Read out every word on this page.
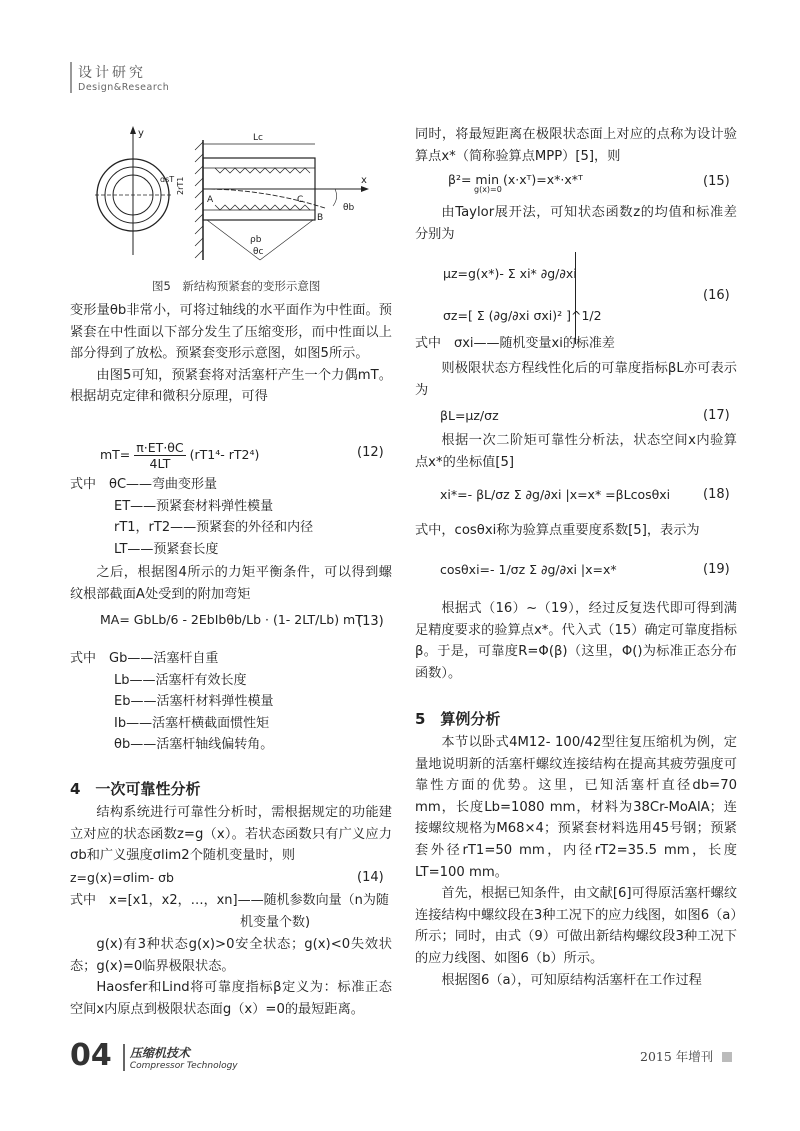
设计研究
Design&Research
y
dsT 2rT1	x
Lc
A	C
B
ρb
θc
θb
图5　新结构预紧套的变形示意图

变形量θb非常小，可将过轴线的水平面作为中性面。预紧套在中性面以下部分发生了压缩变形，而中性面以上部分得到了放松。预紧套变形示意图，如图5所示。

由图5可知，预紧套将对活塞杆产生一个力偶mT。根据胡克定律和微积分原理，可得

$mT= \frac{\pi\cdot ET\cdot\theta C}{4LT} (rT1^4-$ rT2⁴)	(12)
式中　θC——弯曲变形量
ET——预紧套材料弹性模量
rT1，rT2——预紧套的外径和内径
LT——预紧套长度

之后，根据图4所示的力矩平衡条件，可以得到螺纹根部截面A处受到的附加弯矩

MA= GbLb/6 - 2EbIbθb/Lb · (1- 2LT/Lb) mT
(13)
式中　Gb——活塞杆自重
Lb——活塞杆有效长度
Eb——活塞杆材料弹性模量
Ib——活塞杆横截面惯性矩
θb——活塞杆轴线偏转角。
4　一次可靠性分析

结构系统进行可靠性分析时，需根据规定的功能建立对应的状态函数z=g（x）。若状态函数只有广义应力σb和广义强度σlim2个随机变量时，则

z=g(x)=σlim- σb	(14)
式中　x=[x1，x2，…，xn]——随机参数向量（n为随
机变量个数)

g(x)有3种状态g(x)>0安全状态；g(x)<0失效状态；g(x)=0临界极限状态。

Haosfer和Lind将可靠度指标β定义为：标准正态空间x内原点到极限状态面g（x）=0的最短距离。

同时，将最短距离在极限状态面上对应的点称为设计验算点x*（简称验算点MPP）[5]，则

β²= min (x·xᵀ)=x*·x*ᵀ
g(x)=0
(15)

由Taylor展开法，可知状态函数z的均值和标准差分别为

μz=g(x*)- Σ xi* ∂g/∂xi
σz=[ Σ (∂g/∂xi σxi)² ]^1/2
(16)
式中　σxi——随机变量xi的标准差

则极限状态方程线性化后的可靠度指标βL亦可表示为

βL=μz/σz	(17)

根据一次二阶矩可靠性分析法，状态空间x内验算点x*的坐标值[5]

xi*=- βL/σz Σ ∂g/∂xi |x=x* =βLcosθxi	(18)

式中，cosθxi称为验算点重要度系数[5]，表示为

cosθxi=- 1/σz Σ ∂g/∂xi |x=x*	(19)

根据式（16）~（19），经过反复迭代即可得到满足精度要求的验算点x*。代入式（15）确定可靠度指标β。于是，可靠度R=Φ(β)（这里，Φ()为标准正态分布函数）。

5　算例分析

本节以卧式4M12- 100/42型往复压缩机为例，定量地说明新的活塞杆螺纹连接结构在提高其疲劳强度可靠性方面的优势。这里，已知活塞杆直径db=70 mm，长度Lb=1080 mm，材料为38Cr-MoAlA；连接螺纹规格为M68×4；预紧套材料选用45号钢；预紧套外径rT1=50 mm，内径rT2=35.5 mm，长度LT=100 mm。

首先，根据已知条件，由文献[6]可得原活塞杆螺纹连接结构中螺纹段在3种工况下的应力线图，如图6（a）所示；同时，由式（9）可做出新结构螺纹段3种工况下的应力线图、如图6（b）所示。

根据图6（a），可知原结构活塞杆在工作过程

04 压缩机技术
Compressor Technology
2015 年增刊
